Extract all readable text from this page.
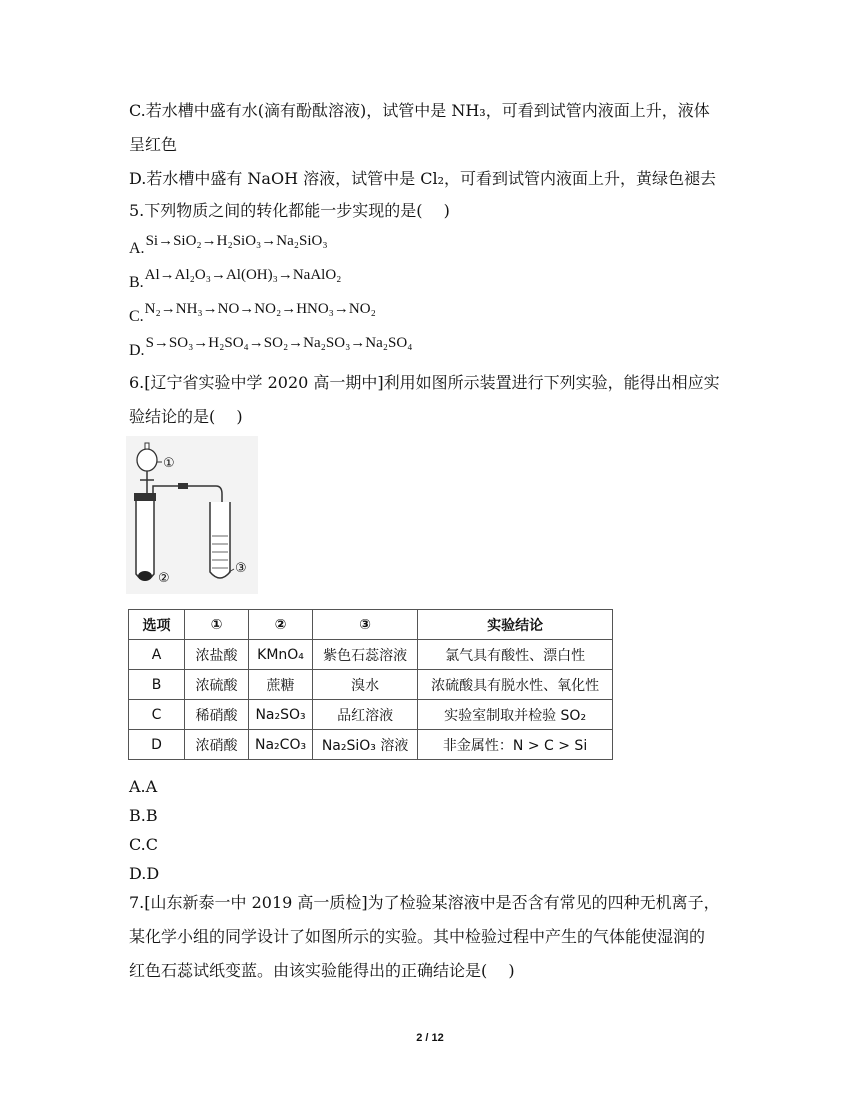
C.若水槽中盛有水(滴有酚酞溶液)，试管中是 NH₃，可看到试管内液面上升，液体
呈红色
D.若水槽中盛有 NaOH 溶液，试管中是 Cl₂，可看到试管内液面上升，黄绿色褪去
5.下列物质之间的转化都能一步实现的是(　 )
A.Si→SiO₂→H₂SiO₃→Na₂SiO₃
B.Al→Al₂O₃→Al(OH)₃→NaAlO₂
C.N₂→NH₃→NO→NO₂→HNO₃→NO₂
D.S→SO₃→H₂SO₄→SO₂→Na₂SO₃→Na₂SO₄
6.[辽宁省实验中学 2020 高一期中]利用如图所示装置进行下列实验，能得出相应实
验结论的是(　 )
①
②
③
选项	①	②	③	实验结论
A	浓盐酸	KMnO₄	紫色石蕊溶液	氯气具有酸性、漂白性
B	浓硫酸	蔗糖	溴水	浓硫酸具有脱水性、氧化性
C	稀硝酸	Na₂SO₃	品红溶液	实验室制取并检验 SO₂
D	浓硝酸	Na₂CO₃	Na₂SiO₃ 溶液	非金属性：N > C > Si
A.A
B.B
C.C
D.D
7.[山东新泰一中 2019 高一质检]为了检验某溶液中是否含有常见的四种无机离子，
某化学小组的同学设计了如图所示的实验。其中检验过程中产生的气体能使湿润的
红色石蕊试纸变蓝。由该实验能得出的正确结论是(　 )
2 / 12
